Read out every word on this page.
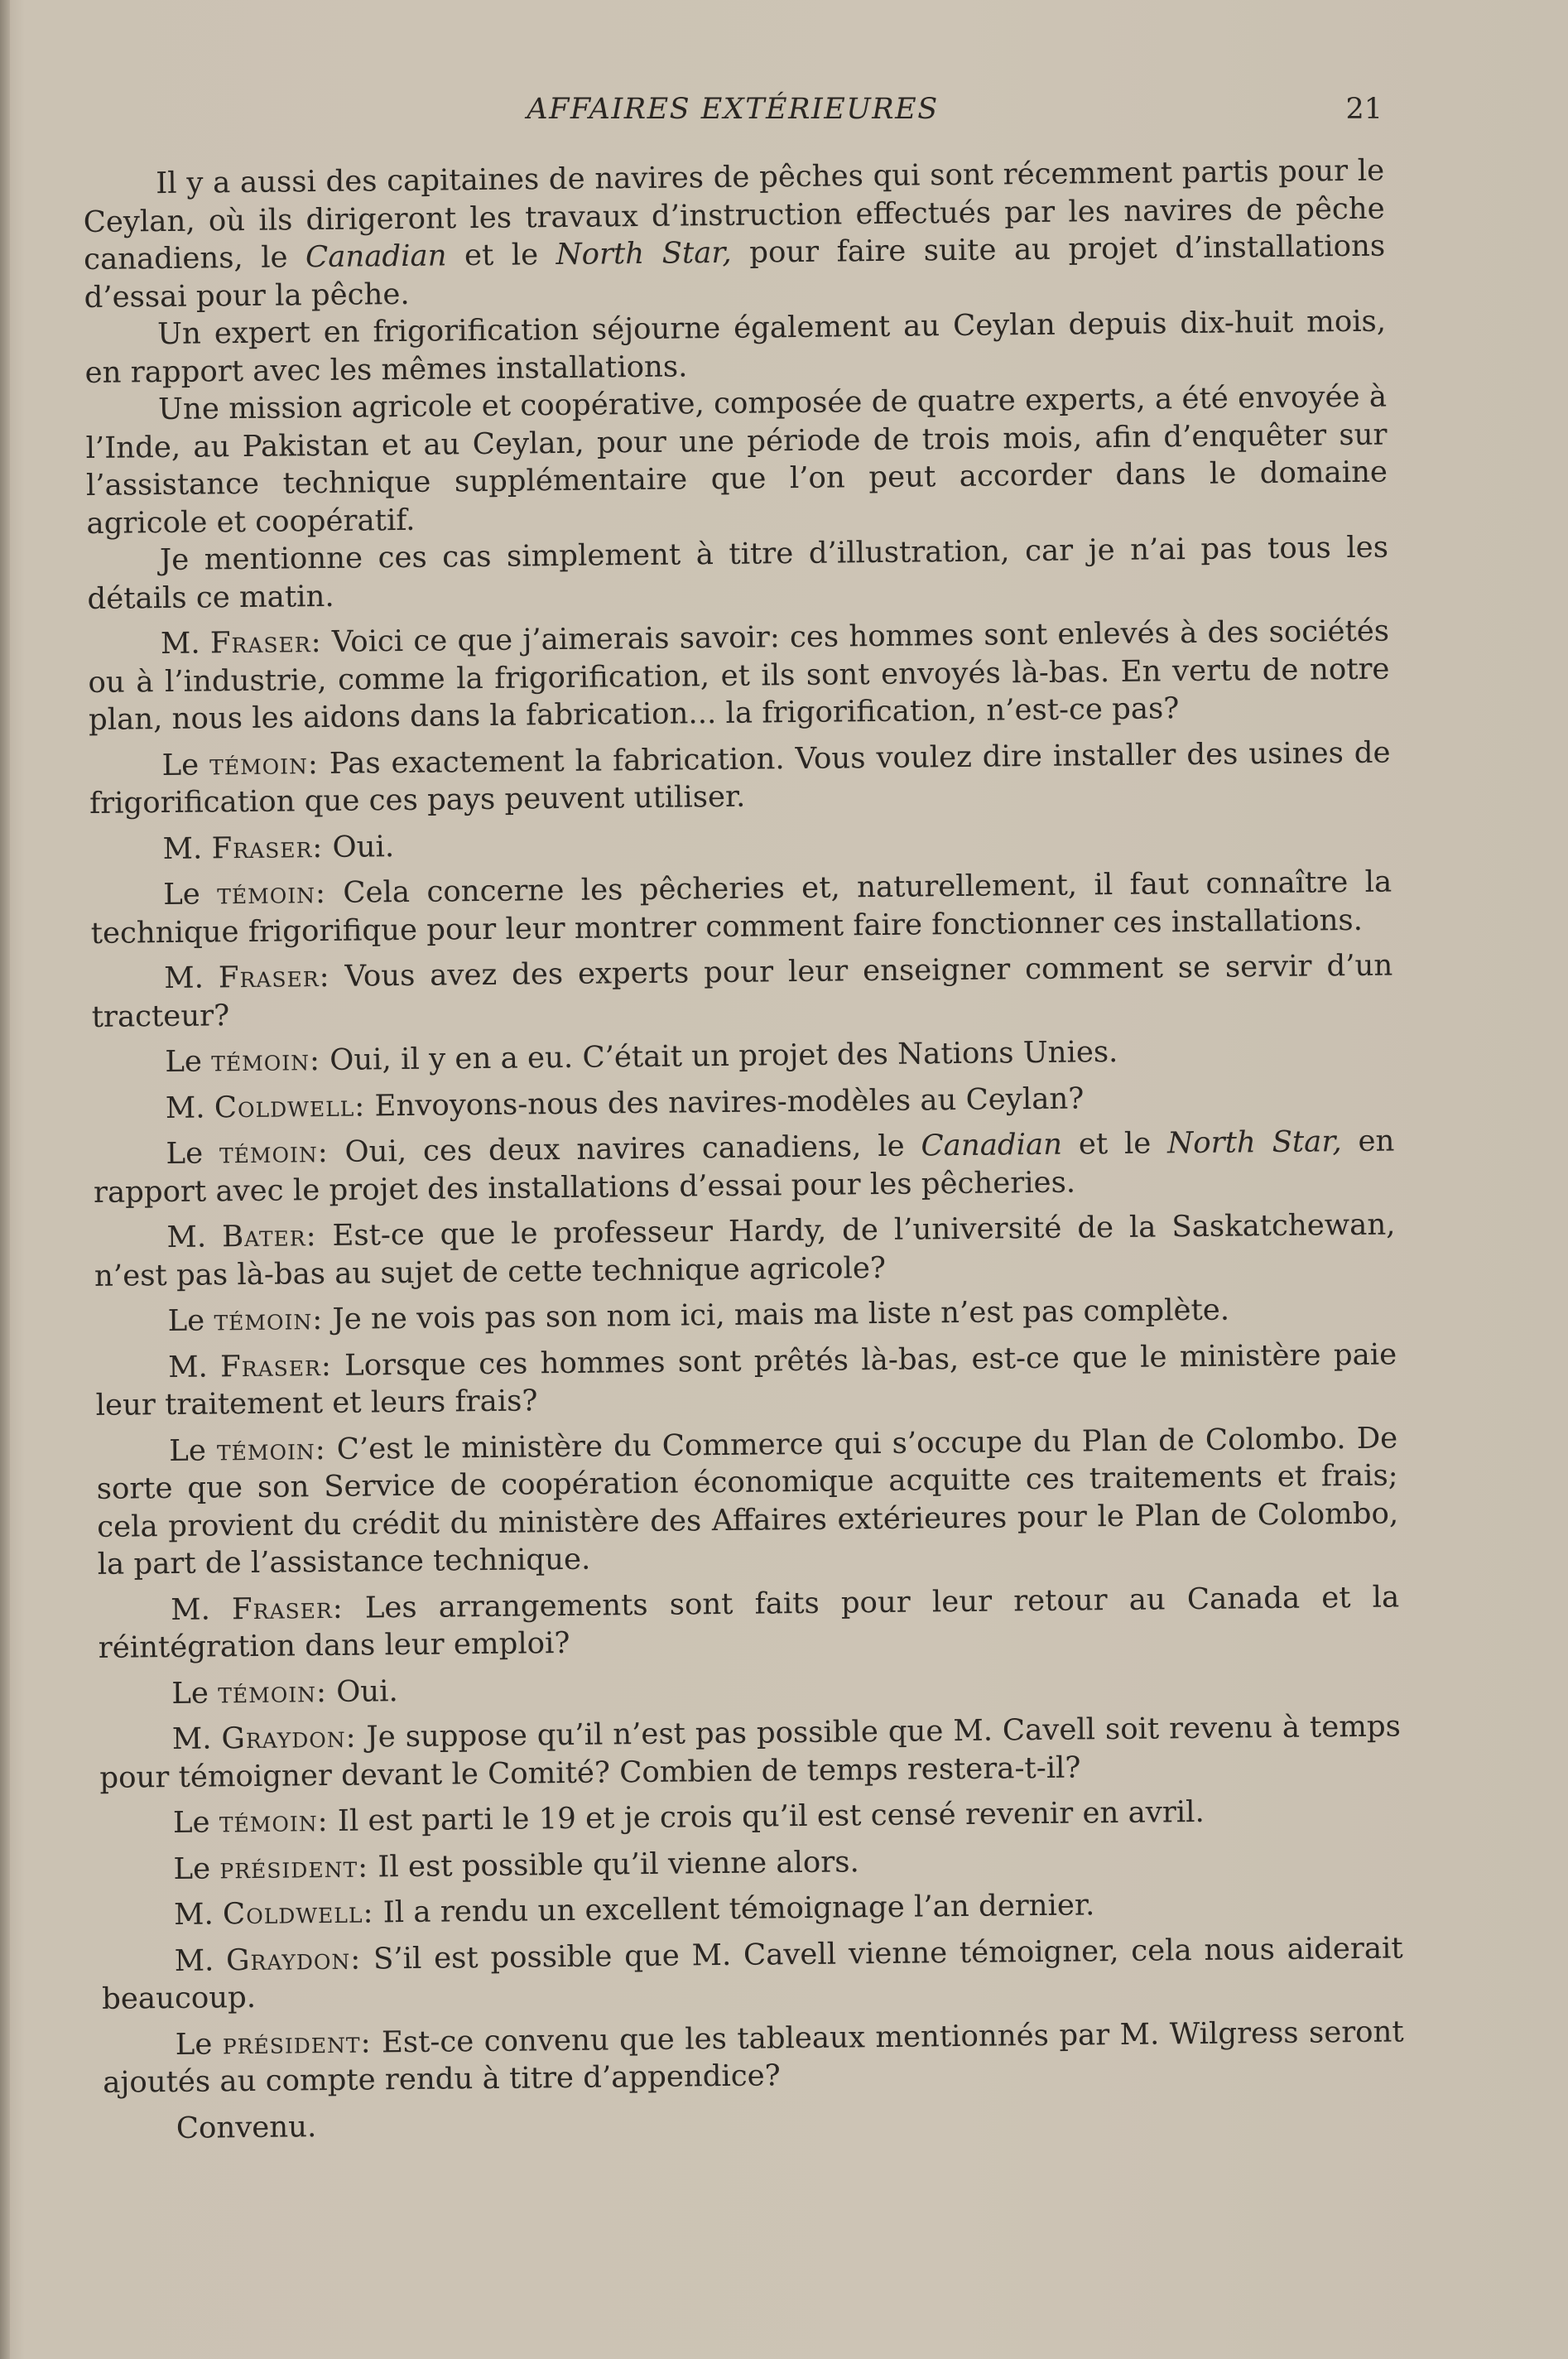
AFFAIRES EXTÉRIEURES	21

Il y a aussi des capitaines de navires de pêches qui sont récemment partis pour le Ceylan, où ils dirigeront les travaux d’instruction effectués par les navires de pêche canadiens, le Canadian et le North Star, pour faire suite au projet d’installations d’essai pour la pêche.

Un expert en frigorification séjourne également au Ceylan depuis dix-huit mois, en rapport avec les mêmes installations.

Une mission agricole et coopérative, composée de quatre experts, a été envoyée à l’Inde, au Pakistan et au Ceylan, pour une période de trois mois, afin d’enquêter sur l’assistance technique supplémentaire que l’on peut accorder dans le domaine agricole et coopératif.

Je mentionne ces cas simplement à titre d’illustration, car je n’ai pas tous les détails ce matin.

M. Fraser: Voici ce que j’aimerais savoir: ces hommes sont enlevés à des sociétés ou à l’industrie, comme la frigorification, et ils sont envoyés là-bas. En vertu de notre plan, nous les aidons dans la fabrication... la frigorification, n’est-ce pas?

Le témoin: Pas exactement la fabrication. Vous voulez dire installer des usines de frigorification que ces pays peuvent utiliser.

M. Fraser: Oui.

Le témoin: Cela concerne les pêcheries et, naturellement, il faut connaître la technique frigorifique pour leur montrer comment faire fonctionner ces installations.

M. Fraser: Vous avez des experts pour leur enseigner comment se servir d’un tracteur?

Le témoin: Oui, il y en a eu. C’était un projet des Nations Unies.

M. Coldwell: Envoyons-nous des navires-modèles au Ceylan?

Le témoin: Oui, ces deux navires canadiens, le Canadian et le North Star, en rapport avec le projet des installations d’essai pour les pêcheries.

M. Bater: Est-ce que le professeur Hardy, de l’université de la Saskatchewan, n’est pas là-bas au sujet de cette technique agricole?

Le témoin: Je ne vois pas son nom ici, mais ma liste n’est pas complète.

M. Fraser: Lorsque ces hommes sont prêtés là-bas, est-ce que le ministère paie leur traitement et leurs frais?

Le témoin: C’est le ministère du Commerce qui s’occupe du Plan de Colombo. De sorte que son Service de coopération économique acquitte ces traitements et frais; cela provient du crédit du ministère des Affaires extérieures pour le Plan de Colombo, la part de l’assistance technique.

M. Fraser: Les arrangements sont faits pour leur retour au Canada et la réintégration dans leur emploi?

Le témoin: Oui.

M. Graydon: Je suppose qu’il n’est pas possible que M. Cavell soit revenu à temps pour témoigner devant le Comité? Combien de temps restera-t-il?

Le témoin: Il est parti le 19 et je crois qu’il est censé revenir en avril.

Le président: Il est possible qu’il vienne alors.

M. Coldwell: Il a rendu un excellent témoignage l’an dernier.

M. Graydon: S’il est possible que M. Cavell vienne témoigner, cela nous aiderait beaucoup.

Le président: Est-ce convenu que les tableaux mentionnés par M. Wilgress seront ajoutés au compte rendu à titre d’appendice?

Convenu.
